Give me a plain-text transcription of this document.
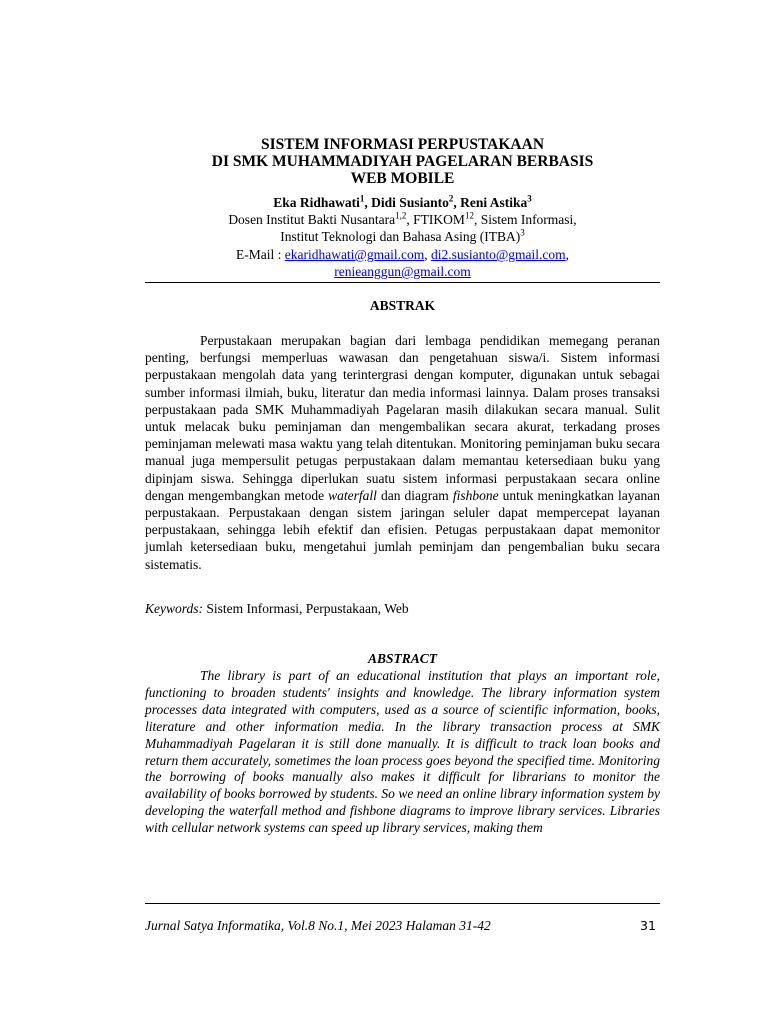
SISTEM INFORMASI PERPUSTAKAAN
DI SMK MUHAMMADIYAH PAGELARAN BERBASIS
WEB MOBILE
Eka Ridhawati$^1$, Didi Susianto$^2$, Reni Astika$^3$
Dosen Institut Bakti Nusantara$^{1,2}$, FTIKOM$^{12}$, Sistem Informasi,
Institut Teknologi dan Bahasa Asing (ITBA)$^3$
E-Mail : ekaridhawati@gmail.com, di2.susianto@gmail.com,
renieanggun@gmail.com
ABSTRAK

Perpustakaan merupakan bagian dari lembaga pendidikan memegang peranan penting, berfungsi memperluas wawasan dan pengetahuan siswa/i. Sistem informasi perpustakaan mengolah data yang terintergrasi dengan komputer, digunakan untuk sebagai sumber informasi ilmiah, buku, literatur dan media informasi lainnya. Dalam proses transaksi perpustakaan pada SMK Muhammadiyah Pagelaran masih dilakukan secara manual. Sulit untuk melacak buku peminjaman dan mengembalikan secara akurat, terkadang proses peminjaman melewati masa waktu yang telah ditentukan. Monitoring peminjaman buku secara manual juga mempersulit petugas perpustakaan dalam memantau ketersediaan buku yang dipinjam siswa. Sehingga diperlukan suatu sistem informasi perpustakaan secara online dengan mengembangkan metode waterfall dan diagram fishbone untuk meningkatkan layanan perpustakaan. Perpustakaan dengan sistem jaringan seluler dapat mempercepat layanan perpustakaan, sehingga lebih efektif dan efisien. Petugas perpustakaan dapat memonitor jumlah ketersediaan buku, mengetahui jumlah peminjam dan pengembalian buku secara sistematis.

Keywords: Sistem Informasi, Perpustakaan, Web
ABSTRACT

The library is part of an educational institution that plays an important role, functioning to broaden students' insights and knowledge. The library information system processes data integrated with computers, used as a source of scientific information, books, literature and other information media. In the library transaction process at SMK Muhammadiyah Pagelaran it is still done manually. It is difficult to track loan books and return them accurately, sometimes the loan process goes beyond the specified time. Monitoring the borrowing of books manually also makes it difficult for librarians to monitor the availability of books borrowed by students. So we need an online library information system by developing the waterfall method and fishbone diagrams to improve library services. Libraries with cellular network systems can speed up library services, making them

Jurnal Satya Informatika, Vol.8 No.1, Mei 2023 Halaman 31-42	31
